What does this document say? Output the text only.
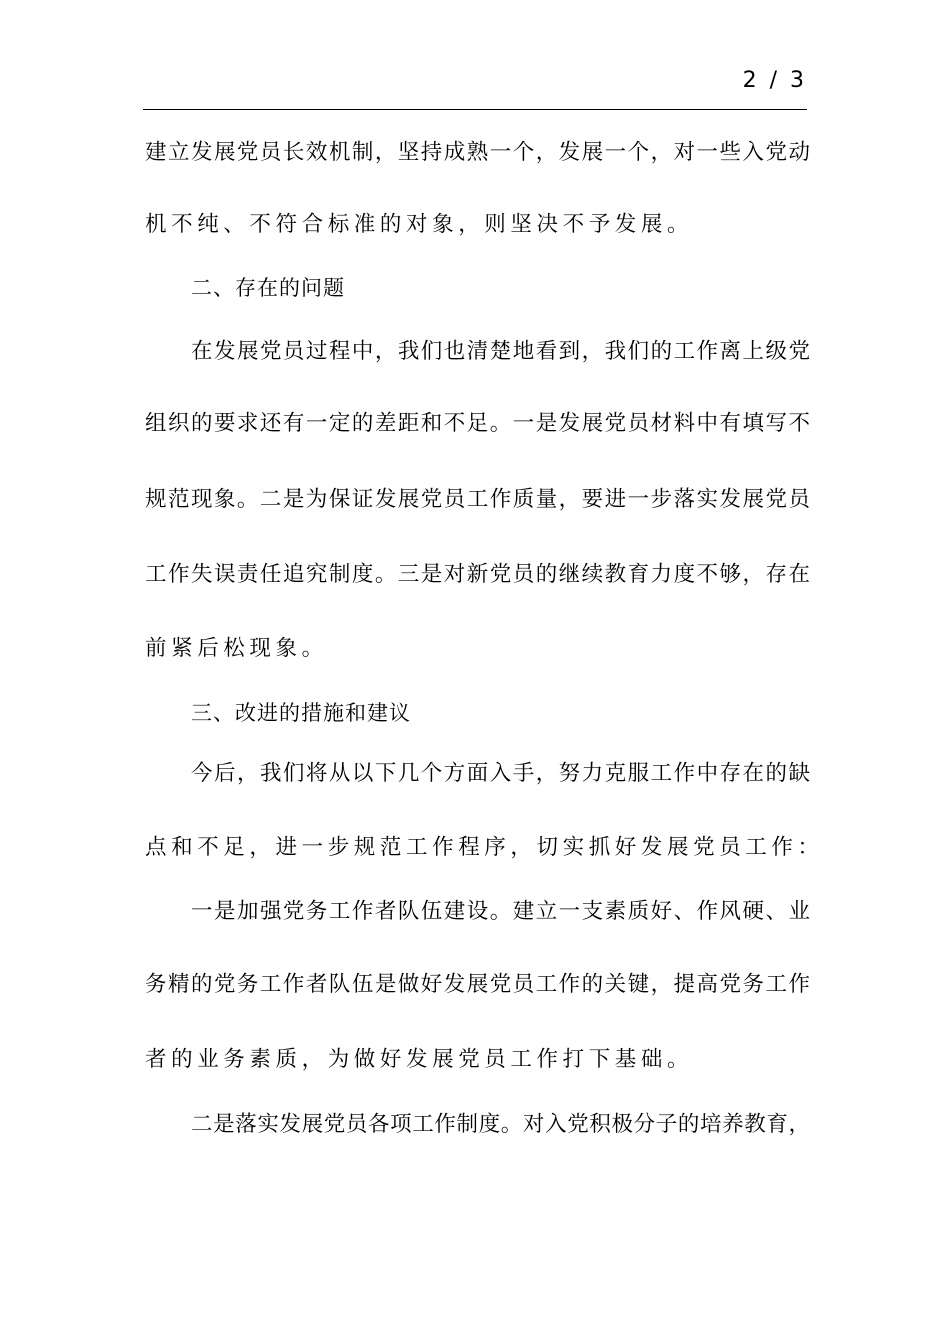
2 / 3
建立发展党员长效机制，坚持成熟一个，发展一个，对一些入党动
机不纯、不符合标准的对象，则坚决不予发展。
二、存在的问题
在发展党员过程中，我们也清楚地看到，我们的工作离上级党
组织的要求还有一定的差距和不足。一是发展党员材料中有填写不
规范现象。二是为保证发展党员工作质量，要进一步落实发展党员
工作失误责任追究制度。三是对新党员的继续教育力度不够，存在
前紧后松现象。
三、改进的措施和建议
今后，我们将从以下几个方面入手，努力克服工作中存在的缺
点和不足，进一步规范工作程序，切实抓好发展党员工作：
一是加强党务工作者队伍建设。建立一支素质好、作风硬、业
务精的党务工作者队伍是做好发展党员工作的关键，提高党务工作
者的业务素质，为做好发展党员工作打下基础。
二是落实发展党员各项工作制度。对入党积极分子的培养教育，
